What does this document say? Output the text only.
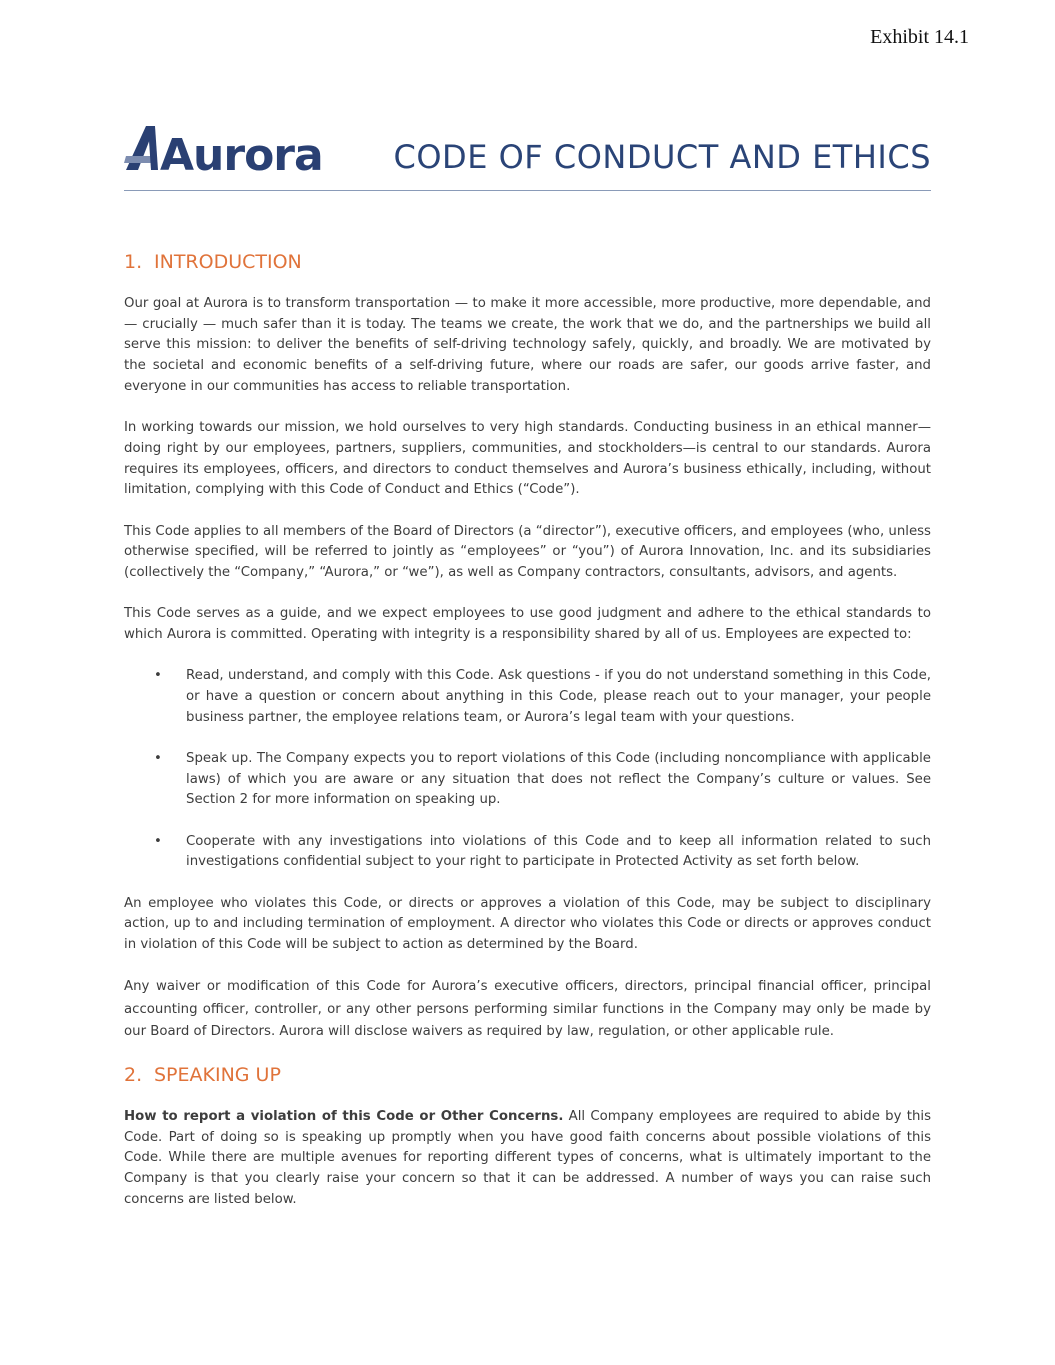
Exhibit 14.1
Aurora CODE OF CONDUCT AND ETHICS
1. INTRODUCTION

Our goal at Aurora is to transform transportation — to make it more accessible, more productive, more dependable, and — crucially — much safer than it is today. The teams we create, the work that we do, and the partnerships we build all serve this mission: to deliver the benefits of self-driving technology safely, quickly, and broadly. We are motivated by the societal and economic benefits of a self-driving future, where our roads are safer, our goods arrive faster, and everyone in our communities has access to reliable transportation.

In working towards our mission, we hold ourselves to very high standards. Conducting business in an ethical manner—doing right by our employees, partners, suppliers, communities, and stockholders—is central to our standards. Aurora requires its employees, officers, and directors to conduct themselves and Aurora’s business ethically, including, without limitation, complying with this Code of Conduct and Ethics (“Code”).

This Code applies to all members of the Board of Directors (a “director”), executive officers, and employees (who, unless otherwise specified, will be referred to jointly as “employees” or “you”) of Aurora Innovation, Inc. and its subsidiaries (collectively the “Company,” “Aurora,” or “we”), as well as Company contractors, consultants, advisors, and agents.

This Code serves as a guide, and we expect employees to use good judgment and adhere to the ethical standards to which Aurora is committed. Operating with integrity is a responsibility shared by all of us. Employees are expected to:

• Read, understand, and comply with this Code. Ask questions - if you do not understand something in this Code, or have a question or concern about anything in this Code, please reach out to your manager, your people business partner, the employee relations team, or Aurora’s legal team with your questions.
• Speak up. The Company expects you to report violations of this Code (including noncompliance with applicable laws) of which you are aware or any situation that does not reflect the Company’s culture or values. See Section 2 for more information on speaking up.
• Cooperate with any investigations into violations of this Code and to keep all information related to such investigations confidential subject to your right to participate in Protected Activity as set forth below.

An employee who violates this Code, or directs or approves a violation of this Code, may be subject to disciplinary action, up to and including termination of employment. A director who violates this Code or directs or approves conduct in violation of this Code will be subject to action as determined by the Board.

Any waiver or modification of this Code for Aurora’s executive officers, directors, principal financial officer, principal accounting officer, controller, or any other persons performing similar functions in the Company may only be made by our Board of Directors. Aurora will disclose waivers as required by law, regulation, or other applicable rule.

2. SPEAKING UP

How to report a violation of this Code or Other Concerns. All Company employees are required to abide by this Code. Part of doing so is speaking up promptly when you have good faith concerns about possible violations of this Code. While there are multiple avenues for reporting different types of concerns, what is ultimately important to the Company is that you clearly raise your concern so that it can be addressed. A number of ways you can raise such concerns are listed below.
